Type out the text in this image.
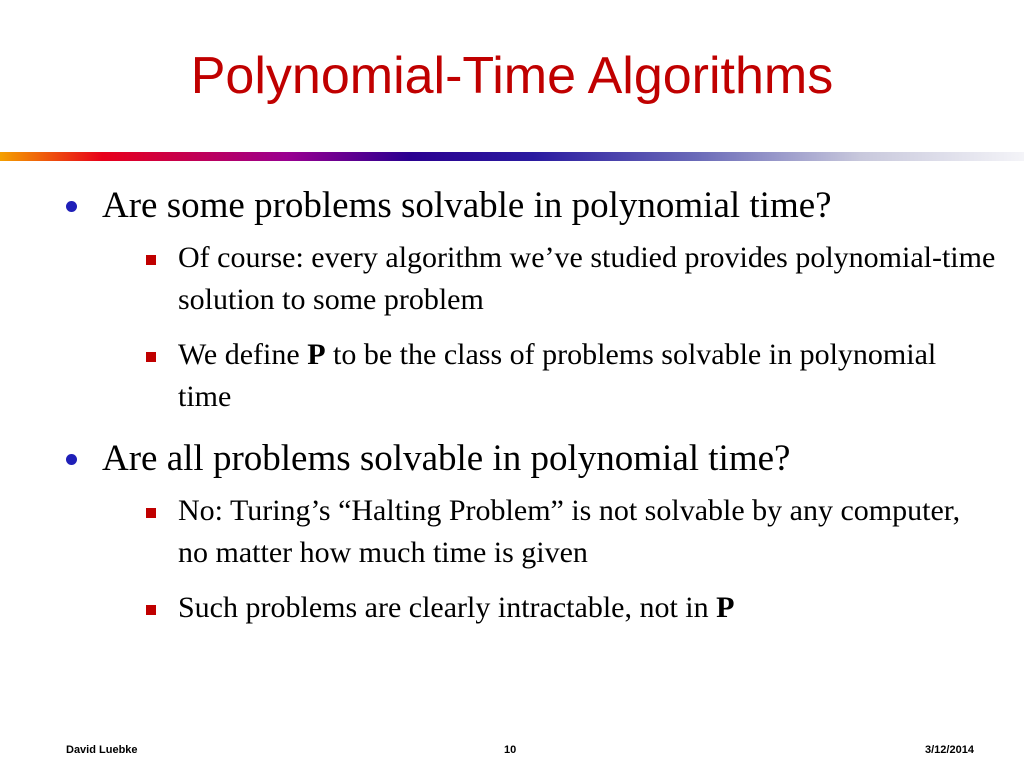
Polynomial-Time Algorithms
Are some problems solvable in polynomial time?
Of course: every algorithm we’ve studied provides polynomial-time solution to some problem
We define P to be the class of problems solvable in polynomial time
Are all problems solvable in polynomial time?
No: Turing’s “Halting Problem” is not solvable by any computer, no matter how much time is given
Such problems are clearly intractable, not in P
David Luebke	10	3/12/2014
